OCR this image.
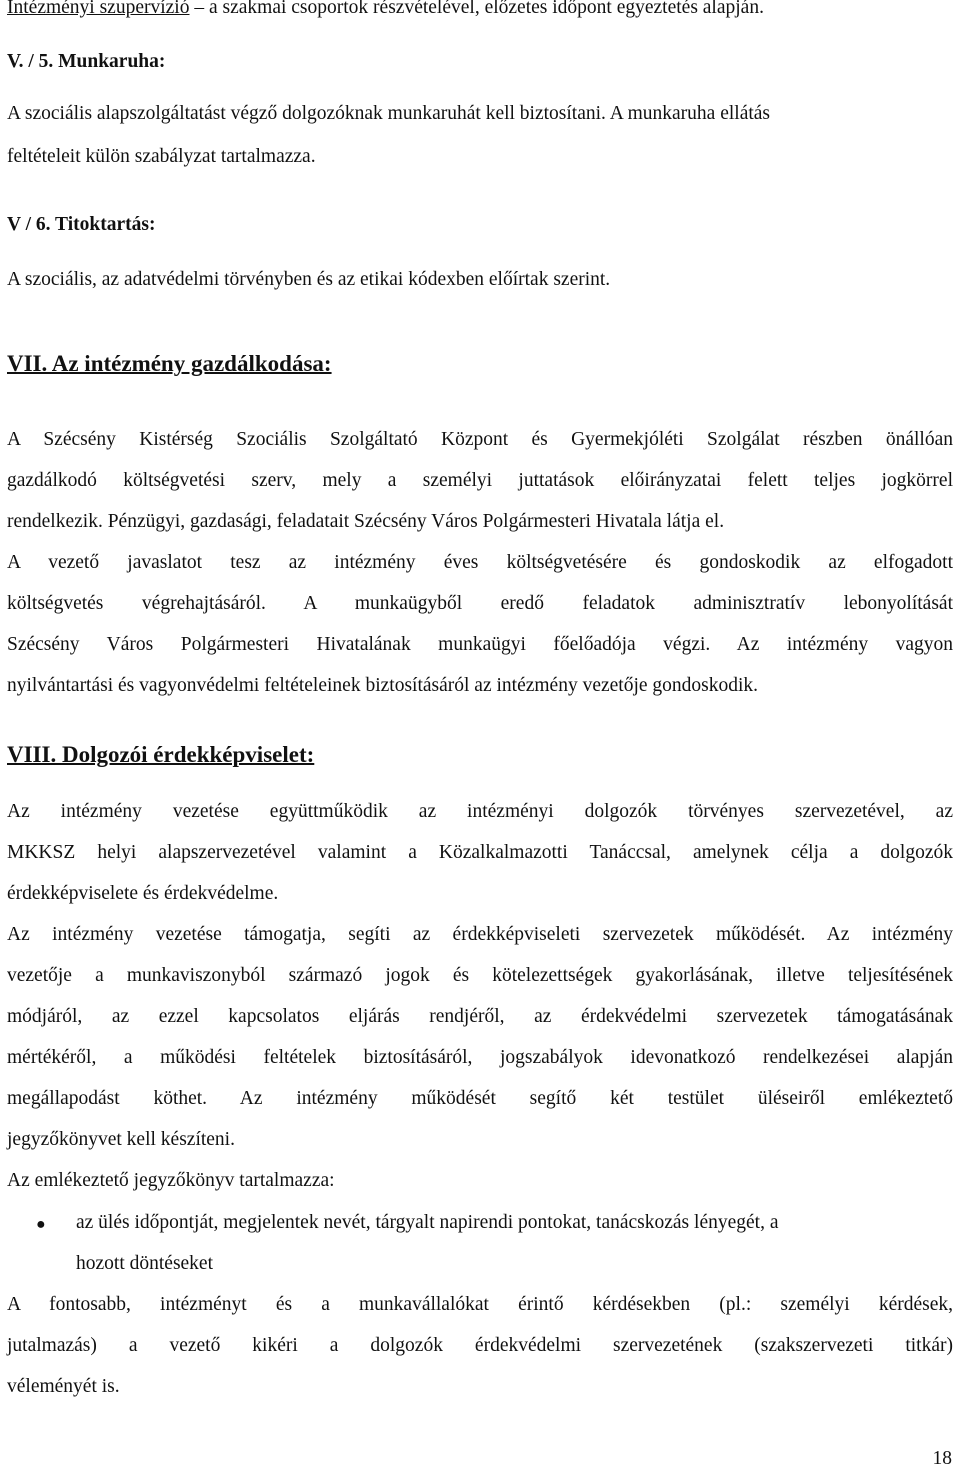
Intézményi szupervízió – a szakmai csoportok részvételével, előzetes időpont egyeztetés alapján.
V. / 5. Munkaruha:
A szociális alapszolgáltatást végző dolgozóknak munkaruhát kell biztosítani. A munkaruha ellátás
feltételeit külön szabályzat tartalmazza.
V / 6. Titoktartás:
A szociális, az adatvédelmi törvényben és az etikai kódexben előírtak szerint.
VII. Az intézmény gazdálkodása:
A Szécsény Kistérség Szociális Szolgáltató Központ és Gyermekjóléti Szolgálat részben önállóan
gazdálkodó költségvetési szerv, mely a személyi juttatások előirányzatai felett teljes jogkörrel
rendelkezik. Pénzügyi, gazdasági, feladatait Szécsény Város Polgármesteri Hivatala látja el.
A vezető javaslatot tesz az intézmény éves költségvetésére és gondoskodik az elfogadott
költségvetés végrehajtásáról. A munkaügyből eredő feladatok adminisztratív lebonyolítását
Szécsény Város Polgármesteri Hivatalának munkaügyi főelőadója végzi. Az intézmény vagyon
nyilvántartási és vagyonvédelmi feltételeinek biztosításáról az intézmény vezetője gondoskodik.
VIII. Dolgozói érdekképviselet:
Az intézmény vezetése együttműködik az intézményi dolgozók törvényes szervezetével, az
MKKSZ helyi alapszervezetével valamint a Közalkalmazotti Tanáccsal, amelynek célja a dolgozók
érdekképviselete és érdekvédelme.
Az intézmény vezetése támogatja, segíti az érdekképviseleti szervezetek működését. Az intézmény
vezetője a munkaviszonyból származó jogok és kötelezettségek gyakorlásának, illetve teljesítésének
módjáról, az ezzel kapcsolatos eljárás rendjéről, az érdekvédelmi szervezetek támogatásának
mértékéről, a működési feltételek biztosításáról, jogszabályok idevonatkozó rendelkezései alapján
megállapodást köthet. Az intézmény működését segítő két testület üléseiről emlékeztető
jegyzőkönyvet kell készíteni.
Az emlékeztető jegyzőkönyv tartalmazza:
● az ülés időpontját, megjelentek nevét, tárgyalt napirendi pontokat, tanácskozás lényegét, a
hozott döntéseket
A fontosabb, intézményt és a munkavállalókat érintő kérdésekben (pl.: személyi kérdések,
jutalmazás) a vezető kikéri a dolgozók érdekvédelmi szervezetének (szakszervezeti titkár)
véleményét is.
18
